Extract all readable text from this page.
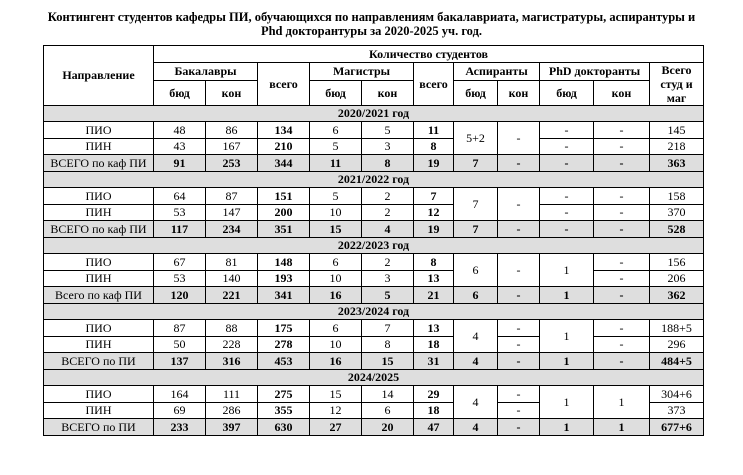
Контингент студентов кафедры ПИ, обучающихся по направлениям бакалавриата, магистратуры, аспирантуры и
Phd докторантуры за 2020-2025 уч. год.
Направление	Количество студентов										
	Бакалавры		всего	Магистры		всего	Аспиранты		PhD докторанты		Всего студ и маг
	бюд	кон		бюд	кон		бюд	кон	бюд	кон	
2020/2021 год											
ПИО	48	86	134	6	5	11	5+2	-	-	-	145
ПИН	43	167	210	5	3	8			-	-	218
ВСЕГО по каф ПИ	91	253	344	11	8	19	7	-	-	-	363
2021/2022 год											
ПИО	64	87	151	5	2	7	7	-	-	-	158
ПИН	53	147	200	10	2	12			-	-	370
ВСЕГО по каф ПИ	117	234	351	15	4	19	7	-	-	-	528
2022/2023 год											
ПИО	67	81	148	6	2	8	6	-	1	-	156
ПИН	53	140	193	10	3	13				-	206
Всего по каф ПИ	120	221	341	16	5	21	6	-	1	-	362
2023/2024 год											
ПИО	87	88	175	6	7	13	4	-	1	-	188+5
ПИН	50	228	278	10	8	18		-		-	296
ВСЕГО по ПИ	137	316	453	16	15	31	4	-	1	-	484+5
2024/2025											
ПИО	164	111	275	15	14	29	4	-	1	1	304+6
ПИН	69	286	355	12	6	18		-			373
ВСЕГО по ПИ	233	397	630	27	20	47	4	-	1	1	677+6
